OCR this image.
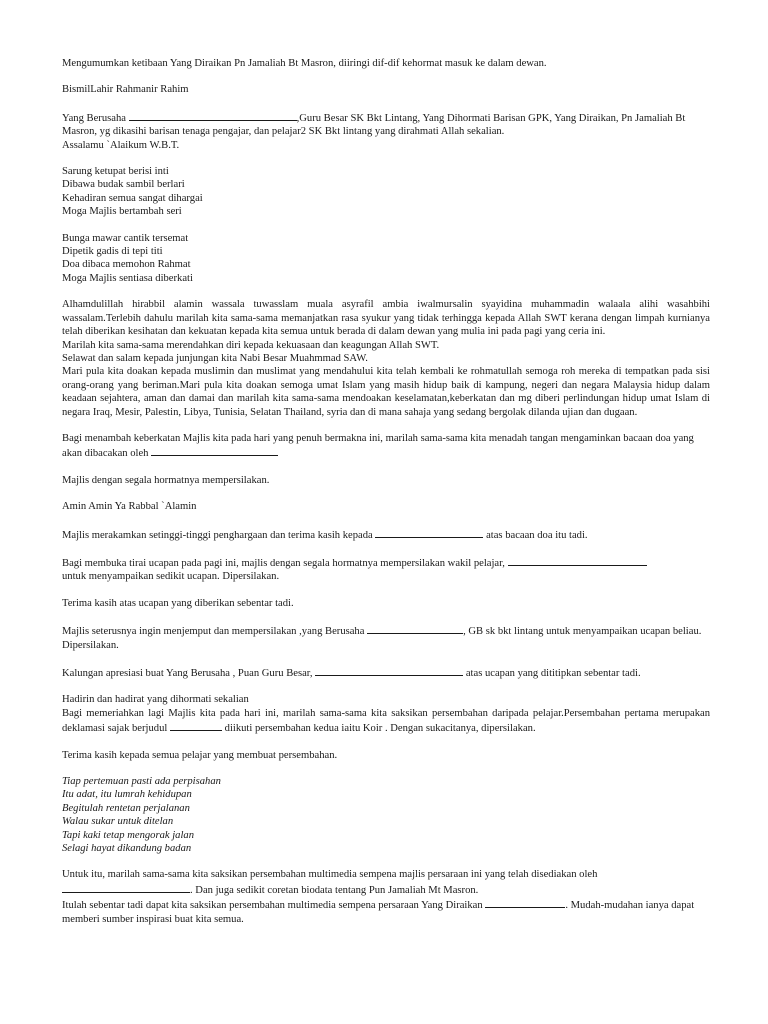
Mengumumkan ketibaan Yang Diraikan Pn Jamaliah Bt Masron, diiringi dif-dif kehormat masuk ke dalam dewan.

BismilLahir Rahmanir Rahim

Yang Berusaha	,Guru Besar SK Bkt Lintang, Yang Dihormati Barisan GPK, Yang Diraikan, Pn Jamaliah Bt Masron, yg dikasihi barisan tenaga pengajar, dan pelajar2 SK Bkt lintang yang dirahmati Allah sekalian.

Assalamu `Alaikum W.B.T.

Sarung ketupat berisi inti
Dibawa budak sambil berlari
Kehadiran semua sangat dihargai
Moga Majlis bertambah seri

Bunga mawar cantik tersemat
Dipetik gadis di tepi titi
Doa dibaca memohon Rahmat
Moga Majlis sentiasa diberkati

Alhamdulillah hirabbil alamin wassala tuwasslam muala asyrafil ambia iwalmursalin syayidina muhammadin walaala alihi wasahbihi wassalam.Terlebih dahulu marilah kita sama-sama memanjatkan rasa syukur yang tidak terhingga kepada Allah SWT kerana dengan limpah kurnianya telah diberikan kesihatan dan kekuatan kepada kita semua untuk berada di dalam dewan yang mulia ini pada pagi yang ceria ini.

Marilah kita sama-sama merendahkan diri kepada kekuasaan dan keagungan Allah SWT.

Selawat dan salam kepada junjungan kita Nabi Besar Muahmmad SAW.

Mari pula kita doakan kepada muslimin dan muslimat yang mendahului kita telah kembali ke rohmatullah semoga roh mereka di tempatkan pada sisi orang-orang yang beriman.Mari pula kita doakan semoga umat Islam yang masih hidup baik di kampung, negeri dan negara Malaysia hidup dalam keadaan sejahtera, aman dan damai dan marilah kita sama-sama mendoakan keselamatan,keberkatan dan mg diberi perlindungan hidup umat Islam di negara Iraq, Mesir, Palestin, Libya, Tunisia, Selatan Thailand, syria dan di mana sahaja yang sedang bergolak dilanda ujian dan dugaan.

Bagi menambah keberkatan Majlis kita pada hari yang penuh bermakna ini, marilah sama-sama kita menadah tangan mengaminkan bacaan doa yang akan dibacakan oleh

Majlis dengan segala hormatnya mempersilakan.

Amin Amin Ya Rabbal `Alamin

Majlis merakamkan setinggi-tinggi penghargaan dan terima kasih kepada	atas bacaan doa itu tadi.

Bagi membuka tirai ucapan pada pagi ini, majlis dengan segala hormatnya mempersilakan wakil pelajar,
untuk menyampaikan sedikit ucapan. Dipersilakan.

Terima kasih atas ucapan yang diberikan sebentar tadi.

Majlis seterusnya ingin menjemput dan mempersilakan ,yang Berusaha	, GB sk bkt lintang untuk menyampaikan ucapan beliau. Dipersilakan.

Kalungan apresiasi buat Yang Berusaha , Puan Guru Besar,	atas ucapan yang dititipkan sebentar tadi.

Hadirin dan hadirat yang dihormati sekalian

Bagi memeriahkan lagi Majlis kita pada hari ini, marilah sama-sama kita saksikan persembahan daripada pelajar.Persembahan pertama merupakan deklamasi sajak berjudul	diikuti persembahan kedua iaitu Koir . Dengan sukacitanya, dipersilakan.

Terima kasih kepada semua pelajar yang membuat persembahan.

Tiap pertemuan pasti ada perpisahan
Itu adat, itu lumrah kehidupan
Begitulah rentetan perjalanan
Walau sukar untuk ditelan
Tapi kaki tetap mengorak jalan
Selagi hayat dikandung badan

Untuk itu, marilah sama-sama kita saksikan persembahan multimedia sempena majlis persaraan ini yang telah disediakan oleh . Dan juga sedikit coretan biodata tentang Pun Jamaliah Mt Masron.

Itulah sebentar tadi dapat kita saksikan persembahan multimedia sempena persaraan Yang Diraikan	. Mudah-mudahan ianya dapat memberi sumber inspirasi buat kita semua.
